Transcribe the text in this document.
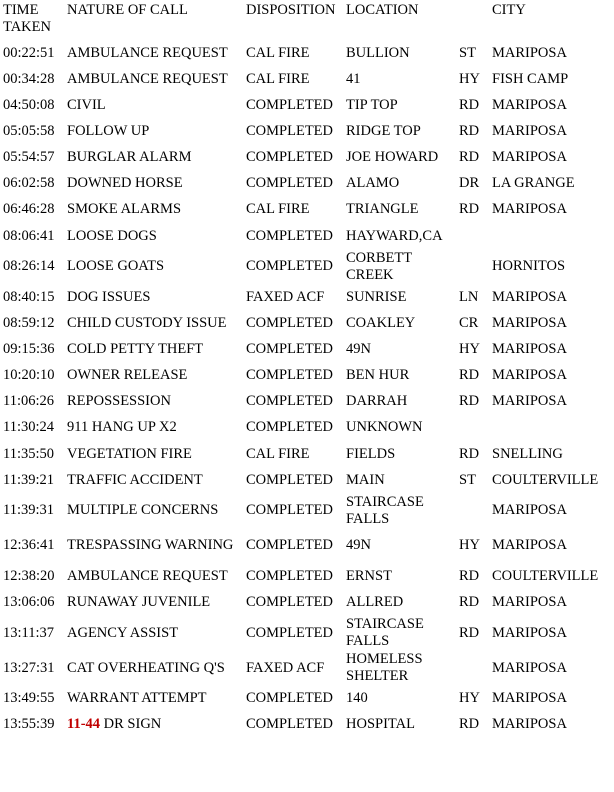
TIME
TAKEN	NATURE OF CALL	DISPOSITION	LOCATION		CITY
00:22:51	AMBULANCE REQUEST	CAL FIRE	BULLION	ST	MARIPOSA
00:34:28	AMBULANCE REQUEST	CAL FIRE	41	HY	FISH CAMP
04:50:08	CIVIL	COMPLETED	TIP TOP	RD	MARIPOSA
05:05:58	FOLLOW UP	COMPLETED	RIDGE TOP	RD	MARIPOSA
05:54:57	BURGLAR ALARM	COMPLETED	JOE HOWARD	RD	MARIPOSA
06:02:58	DOWNED HORSE	COMPLETED	ALAMO	DR	LA GRANGE
06:46:28	SMOKE ALARMS	CAL FIRE	TRIANGLE	RD	MARIPOSA
08:06:41	LOOSE DOGS	COMPLETED	HAYWARD,CA		
08:26:14	LOOSE GOATS	COMPLETED	CORBETT CREEK		HORNITOS
08:40:15	DOG ISSUES	FAXED ACF	SUNRISE	LN	MARIPOSA
08:59:12	CHILD CUSTODY ISSUE	COMPLETED	COAKLEY	CR	MARIPOSA
09:15:36	COLD PETTY THEFT	COMPLETED	49N	HY	MARIPOSA
10:20:10	OWNER RELEASE	COMPLETED	BEN HUR	RD	MARIPOSA
11:06:26	REPOSSESSION	COMPLETED	DARRAH	RD	MARIPOSA
11:30:24	911 HANG UP X2	COMPLETED	UNKNOWN		
11:35:50	VEGETATION FIRE	CAL FIRE	FIELDS	RD	SNELLING
11:39:21	TRAFFIC ACCIDENT	COMPLETED	MAIN	ST	COULTERVILLE
11:39:31	MULTIPLE CONCERNS	COMPLETED	STAIRCASE FALLS		MARIPOSA
12:36:41	TRESPASSING WARNING	COMPLETED	49N	HY	MARIPOSA
12:38:20	AMBULANCE REQUEST	COMPLETED	ERNST	RD	COULTERVILLE
13:06:06	RUNAWAY JUVENILE	COMPLETED	ALLRED	RD	MARIPOSA
13:11:37	AGENCY ASSIST	COMPLETED	STAIRCASE FALLS	RD	MARIPOSA
13:27:31	CAT OVERHEATING Q'S	FAXED ACF	HOMELESS SHELTER		MARIPOSA
13:49:55	WARRANT ATTEMPT	COMPLETED	140	HY	MARIPOSA
13:55:39	11-44 DR SIGN	COMPLETED	HOSPITAL	RD	MARIPOSA
